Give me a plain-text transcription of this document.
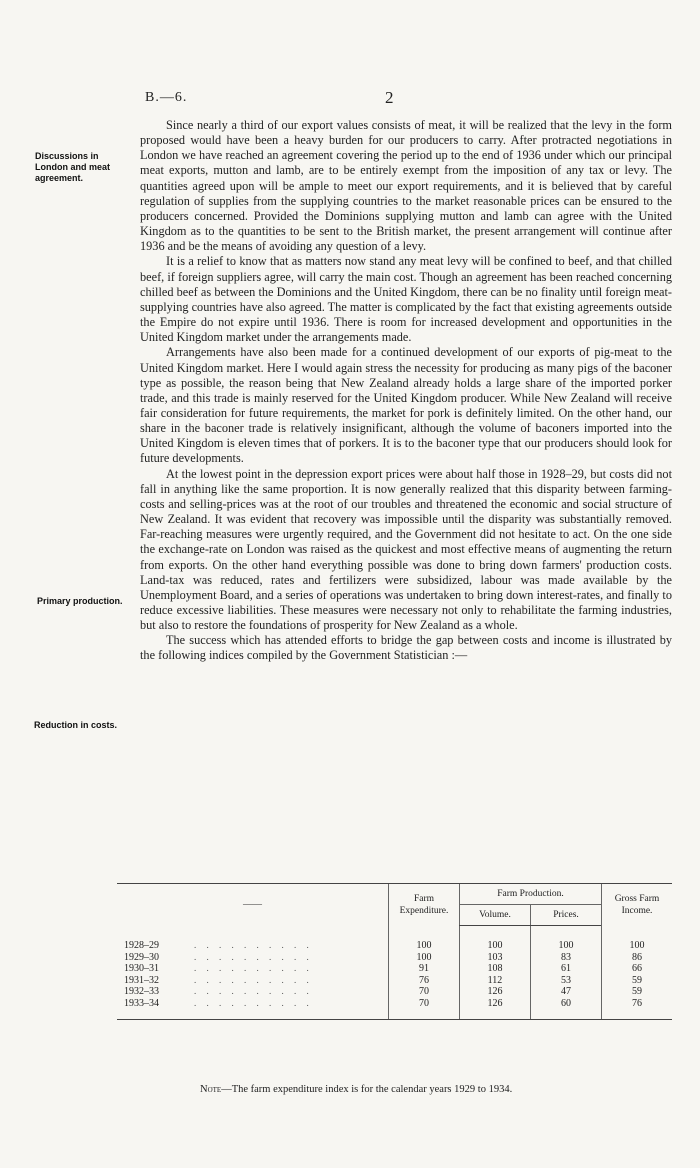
B.—6.	2
Discussions in London and meat agreement.
Primary production.
Reduction in costs.

Since nearly a third of our export values consists of meat, it will be realized that the levy in the form proposed would have been a heavy burden for our producers to carry. After protracted negotiations in London we have reached an agreement covering the period up to the end of 1936 under which our principal meat exports, mutton and lamb, are to be entirely exempt from the imposition of any tax or levy. The quantities agreed upon will be ample to meet our export requirements, and it is believed that by careful regulation of supplies from the supplying countries to the market reasonable prices can be ensured to the producers concerned. Provided the Dominions supplying mutton and lamb can agree with the United Kingdom as to the quantities to be sent to the British market, the present arrangement will continue after 1936 and be the means of avoiding any question of a levy.

It is a relief to know that as matters now stand any meat levy will be confined to beef, and that chilled beef, if foreign suppliers agree, will carry the main cost. Though an agreement has been reached concerning chilled beef as between the Dominions and the United Kingdom, there can be no finality until foreign meat-supplying countries have also agreed. The matter is complicated by the fact that existing agreements outside the Empire do not expire until 1936. There is room for increased development and opportunities in the United Kingdom market under the arrangements made.

Arrangements have also been made for a continued development of our exports of pig-meat to the United Kingdom market. Here I would again stress the necessity for producing as many pigs of the baconer type as possible, the reason being that New Zealand already holds a large share of the imported porker trade, and this trade is mainly reserved for the United Kingdom producer. While New Zealand will receive fair consideration for future requirements, the market for pork is definitely limited. On the other hand, our share in the baconer trade is relatively insignificant, although the volume of baconers imported into the United Kingdom is eleven times that of porkers. It is to the baconer type that our producers should look for future developments.

At the lowest point in the depression export prices were about half those in 1928–29, but costs did not fall in anything like the same proportion. It is now generally realized that this disparity between farming-costs and selling-prices was at the root of our troubles and threatened the economic and social structure of New Zealand. It was evident that recovery was impossible until the disparity was substantially removed. Far-reaching measures were urgently required, and the Government did not hesitate to act. On the one side the exchange-rate on London was raised as the quickest and most effective means of augmenting the return from exports. On the other hand everything possible was done to bring down farmers' production costs. Land-tax was reduced, rates and fertilizers were subsidized, labour was made available by the Unemployment Board, and a series of operations was undertaken to bring down interest-rates, and finally to reduce excessive liabilities. These measures were necessary not only to rehabilitate the farming industries, but also to restore the foundations of prosperity for New Zealand as a whole.

The success which has attended efforts to bridge the gap between costs and income is illustrated by the following indices compiled by the Government Statistician :—

——		Farm Expenditure.	Farm Production.		Gross Farm Income.
			Volume.	Prices.	
1928–29	. . . . . . . . . .	100	100	100	100
1929–30	. . . . . . . . . .	100	103	83	86
1930–31	. . . . . . . . . .	91	108	61	66
1931–32	. . . . . . . . . .	76	112	53	59
1932–33	. . . . . . . . . .	70	126	47	59
1933–34	. . . . . . . . . .	70	126	60	76
Note—The farm expenditure index is for the calendar years 1929 to 1934.
